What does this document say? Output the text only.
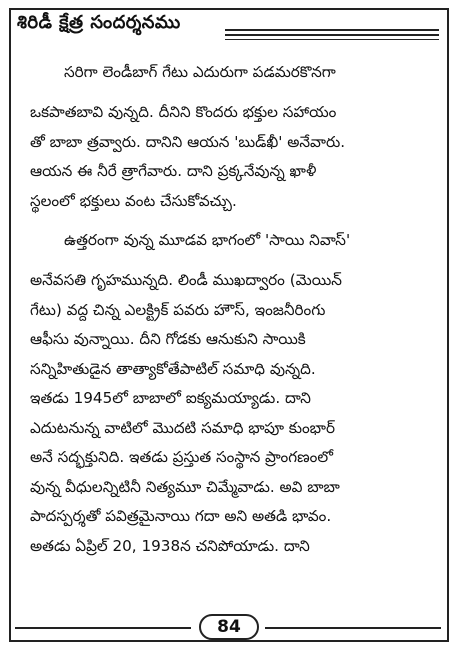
శిరిడీ క్షేత్ర సందర్శనము

సరిగా లెండీబాగ్ గేటు ఎదురుగా పడమరకొనగా
ఒకపాతబావి వున్నది. దీనిని కొందరు భక్తుల సహాయం
తో బాబా త్రవ్వారు. దానిని ఆయన 'బుడ్‌ఖీ' అనేవారు.
ఆయన ఈ నీరే త్రాగేవారు. దాని ప్రక్కనేవున్న ఖాళీ
స్థలంలో భక్తులు వంట చేసుకోవచ్చు.

ఉత్తరంగా వున్న మూడవ భాగంలో 'సాయి నివాస్'
అనేవసతి గృహమున్నది. లిండీ ముఖద్వారం (మెయిన్
గేటు) వద్ద చిన్న ఎలక్ట్రిక్ పవరు హౌస్, ఇంజనీరింగు
ఆఫీసు వున్నాయి. దీని గోడకు ఆనుకుని సాయికి
సన్నిహితుడైన తాత్యాకోతేపాటిల్ సమాధి వున్నది.
ఇతడు 1945లో బాబాలో ఐక్యమయ్యాడు. దాని
ఎదుటనున్న వాటిలో మొదటి సమాధి భాపూ కుంభార్
అనే సద్భక్తునిది. ఇతడు ప్రస్తుత సంస్థాన ప్రాంగణంలో
వున్న వీధులన్నిటినీ నిత్యమూ చిమ్మేవాడు. అవి బాబా
పాదస్పర్శతో పవిత్రమైనాయి గదా అని అతడి భావం.
అతడు ఏప్రిల్ 20, 1938న చనిపోయాడు. దాని

84
